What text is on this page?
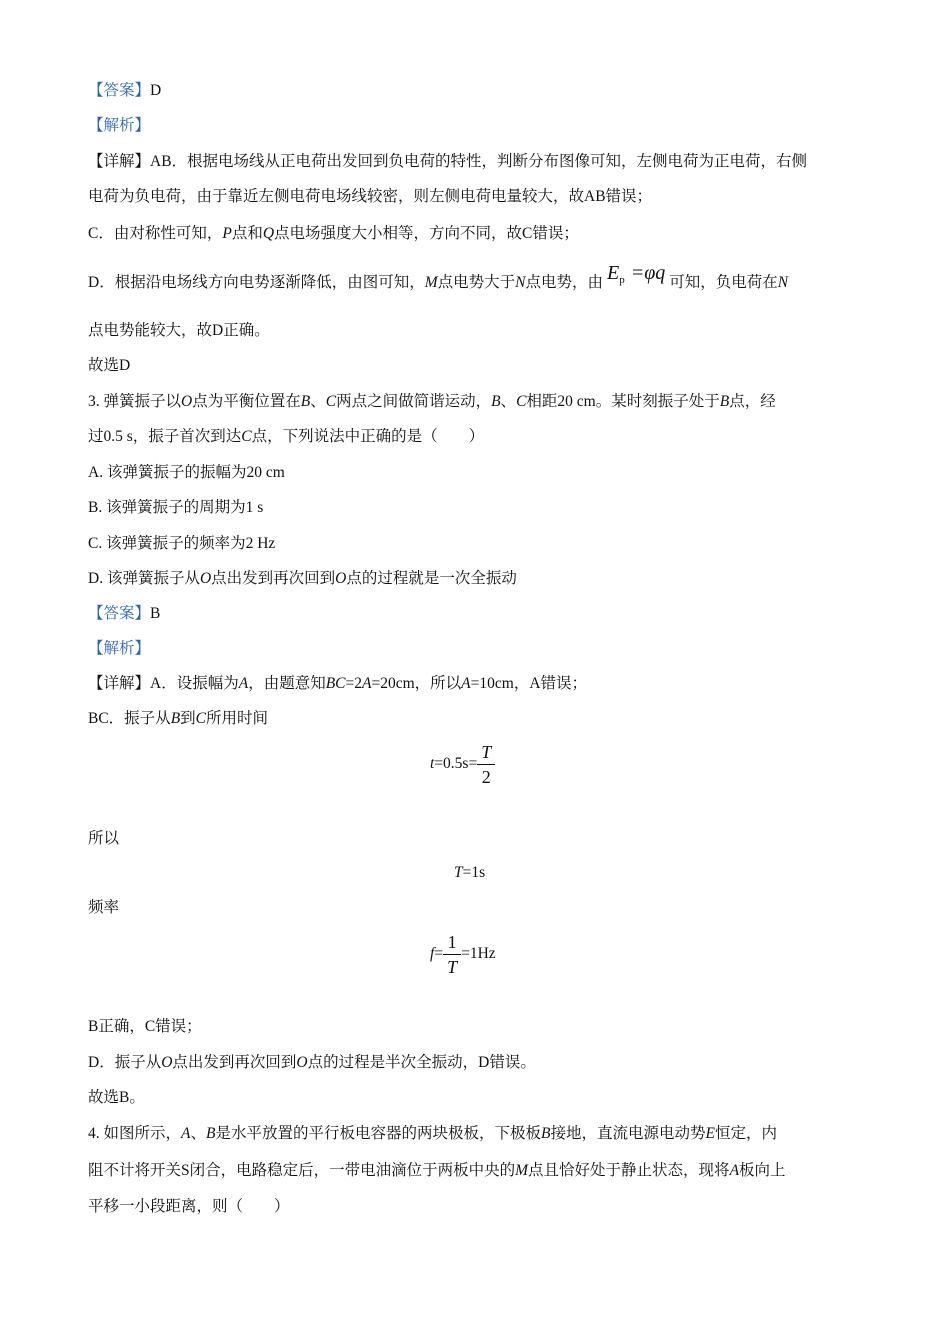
【答案】D
【解析】
【详解】AB．根据电场线从正电荷出发回到负电荷的特性，判断分布图像可知，左侧电荷为正电荷，右侧
电荷为负电荷，由于靠近左侧电荷电场线较密，则左侧电荷电量较大，故AB错误；
C．由对称性可知，P点和Q点电场强度大小相等，方向不同，故C错误；
D．根据沿电场线方向电势逐渐降低，由图可知，M点电势大于N点电势，由 $E_p =\varphi q$ 可知，负电荷在N
点电势能较大，故D正确。
故选D
3. 弹簧振子以O点为平衡位置在B、C两点之间做简谐运动，B、C相距20 cm。某时刻振子处于B点，经
过0.5 s，振子首次到达C点，下列说法中正确的是（　　）
A. 该弹簧振子的振幅为20 cm
B. 该弹簧振子的周期为1 s
C. 该弹簧振子的频率为2 Hz
D. 该弹簧振子从O点出发到再次回到O点的过程就是一次全振动
【答案】B
【解析】
【详解】A．设振幅为A，由题意知BC=2A=20cm，所以A=10cm，A错误；
BC．振子从B到C所用时间
$t=0.5s= \frac{T}{2}$
所以
T=1s
频率
$f= \frac{1}{T} =1Hz$
B正确，C错误；
D．振子从O点出发到再次回到O点的过程是半次全振动，D错误。
故选B。
4. 如图所示，A、B是水平放置的平行板电容器的两块极板，下极板B接地，直流电源电动势E恒定，内
阻不计将开关S闭合，电路稳定后，一带电油滴位于两板中央的M点且恰好处于静止状态，现将A板向上
平移一小段距离，则（　　）
